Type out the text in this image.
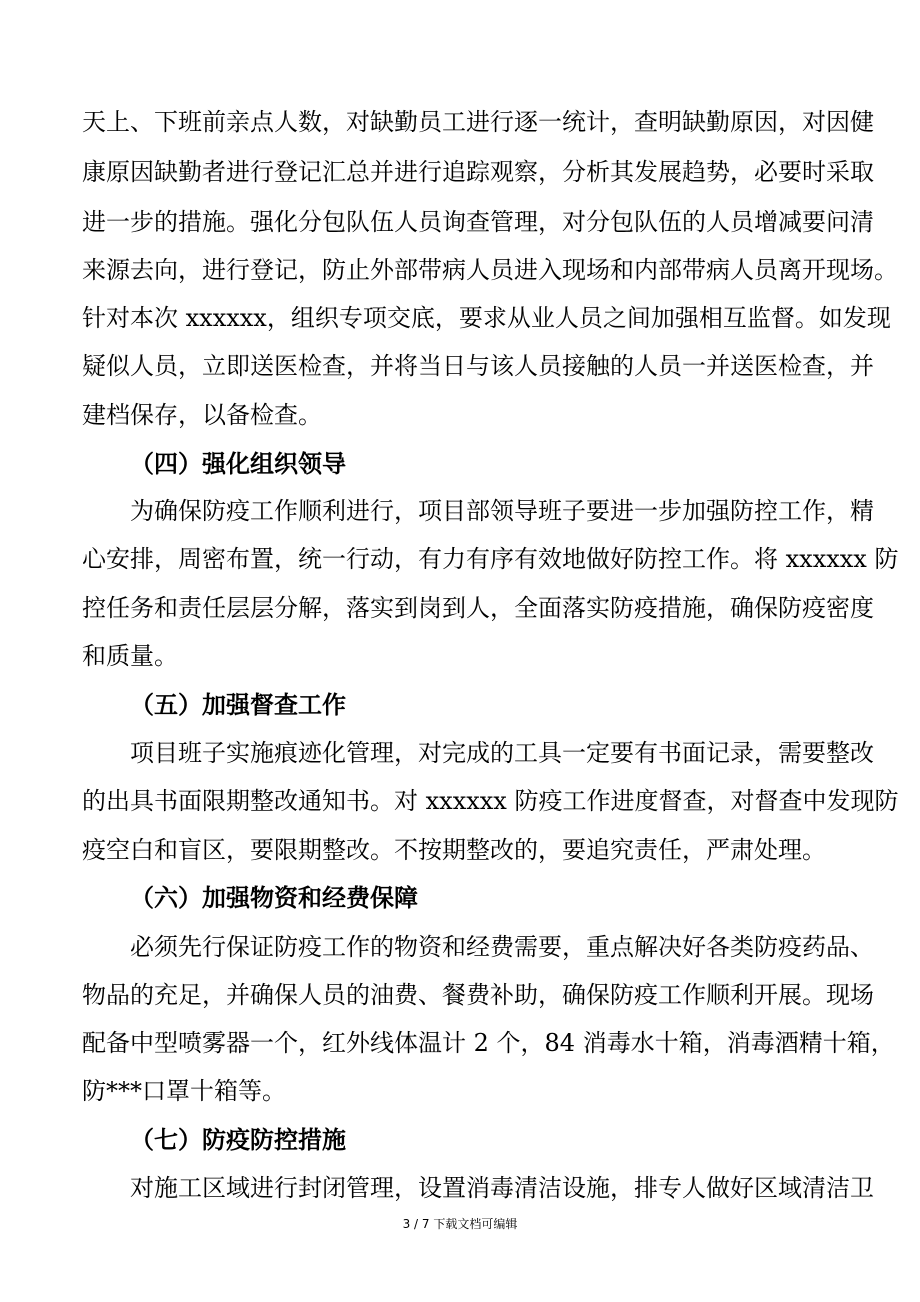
天上、下班前亲点人数，对缺勤员工进行逐一统计，查明缺勤原因，对因健
康原因缺勤者进行登记汇总并进行追踪观察，分析其发展趋势，必要时采取
进一步的措施。强化分包队伍人员询查管理，对分包队伍的人员增减要问清
来源去向，进行登记，防止外部带病人员进入现场和内部带病人员离开现场。
针对本次 xxxxxx，组织专项交底，要求从业人员之间加强相互监督。如发现
疑似人员，立即送医检查，并将当日与该人员接触的人员一并送医检查，并
建档保存，以备检查。
（四）强化组织领导
为确保防疫工作顺利进行，项目部领导班子要进一步加强防控工作，精
心安排，周密布置，统一行动，有力有序有效地做好防控工作。将 xxxxxx 防
控任务和责任层层分解，落实到岗到人，全面落实防疫措施，确保防疫密度
和质量。
（五）加强督查工作
项目班子实施痕迹化管理，对完成的工具一定要有书面记录，需要整改
的出具书面限期整改通知书。对 xxxxxx 防疫工作进度督查，对督查中发现防
疫空白和盲区，要限期整改。不按期整改的，要追究责任，严肃处理。
（六）加强物资和经费保障
必须先行保证防疫工作的物资和经费需要，重点解决好各类防疫药品、
物品的充足，并确保人员的油费、餐费补助，确保防疫工作顺利开展。现场
配备中型喷雾器一个，红外线体温计 2 个，84 消毒水十箱，消毒酒精十箱，
防***口罩十箱等。
（七）防疫防控措施
对施工区域进行封闭管理，设置消毒清洁设施，排专人做好区域清洁卫
3 / 7 下载文档可编辑
